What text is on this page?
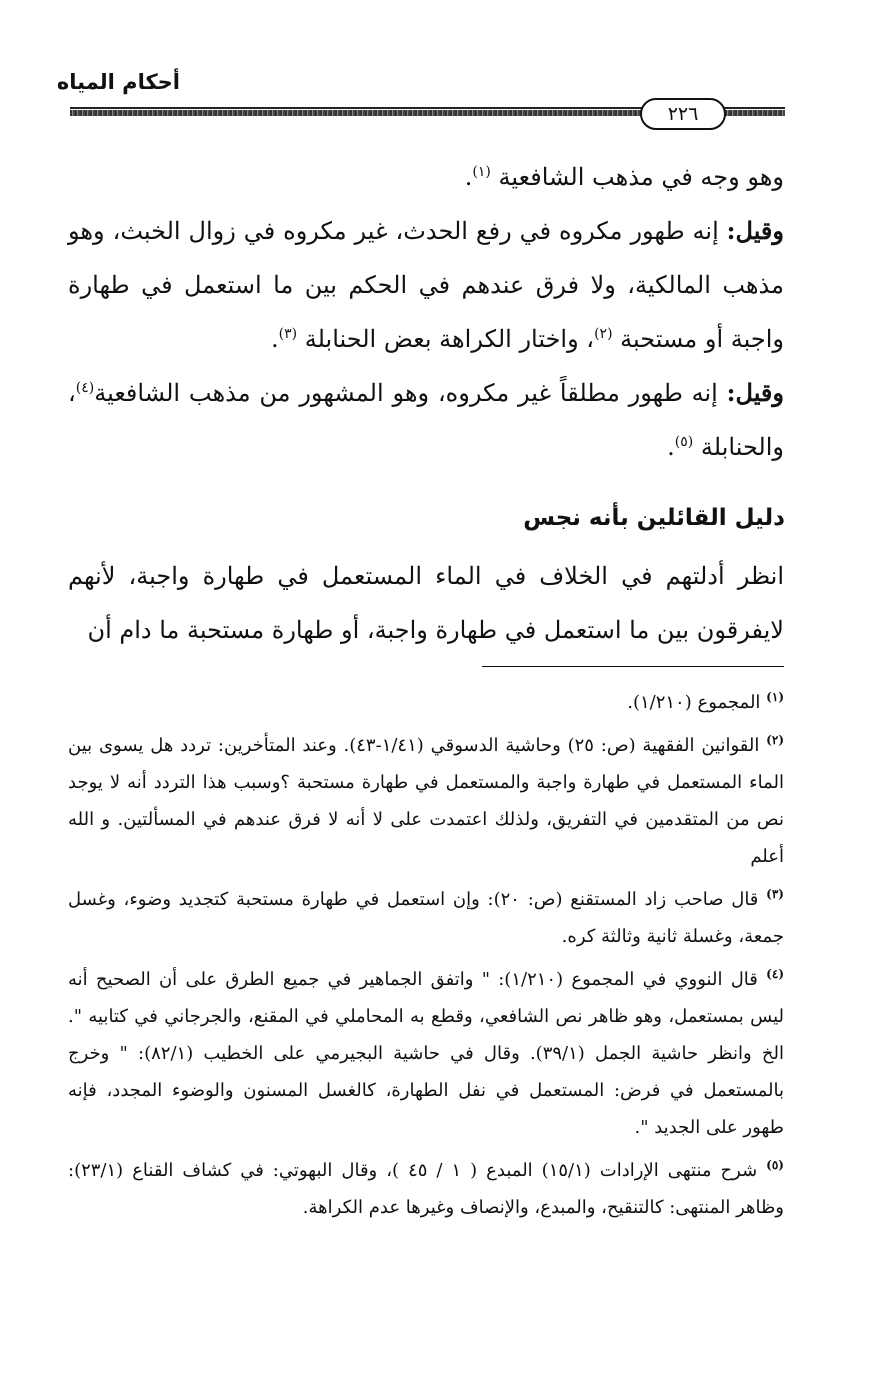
أحكام المياه
٢٢٦

وهو وجه في مذهب الشافعية $^{(١)}$.

وقيل: إنه طهور مكروه في رفع الحدث، غير مكروه في زوال الخبث، وهو مذهب المالكية، ولا فرق عندهم في الحكم بين ما استعمل في طهارة واجبة أو مستحبة $^{(٢)}$، واختار الكراهة بعض الحنابلة $^{(٣)}$.

وقيل: إنه طهور مطلقاً غير مكروه، وهو المشهور من مذهب الشافعية$^{(٤)}$، والحنابلة $^{(٥)}$.

دليل القائلين بأنه نجس

انظر أدلتهم في الخلاف في الماء المستعمل في طهارة واجبة، لأنهم لايفرقون بين ما استعمل في طهارة واجبة، أو طهارة مستحبة ما دام أن

$^{(١)}$ المجموع (١/٢١٠).

$^{(٢)}$ القوانين الفقهية (ص: ٢٥) وحاشية الدسوقي (١/٤١-٤٣). وعند المتأخرين: تردد هل يسوى بين الماء المستعمل في طهارة واجبة والمستعمل في طهارة مستحبة ؟وسبب هذا التردد أنه لا يوجد نص من المتقدمين في التفريق، ولذلك اعتمدت على لا أنه لا فرق عندهم في المسألتين. و الله أعلم

$^{(٣)}$ قال صاحب زاد المستقنع (ص: ٢٠): وإن استعمل في طهارة مستحبة كتجديد وضوء، وغسل جمعة، وغسلة ثانية وثالثة كره.

$^{(٤)}$ قال النووي في المجموع (١/٢١٠): " واتفق الجماهير في جميع الطرق على أن الصحيح أنه ليس بمستعمل، وهو ظاهر نص الشافعي، وقطع به المحاملي في المقنع، والجرجاني في كتابيه ". الخ وانظر حاشية الجمل (٣٩/١). وقال في حاشية البجيرمي على الخطيب (٨٢/١): " وخرج بالمستعمل في فرض: المستعمل في نفل الطهارة، كالغسل المسنون والوضوء المجدد، فإنه طهور على الجديد ".

$^{(٥)}$ شرح منتهى الإرادات (١٥/١) المبدع ( ١ / ٤٥ )، وقال البهوتي: في كشاف القناع (٢٣/١): وظاهر المنتهى: كالتنقيح، والمبدع، والإنصاف وغيرها عدم الكراهة.
